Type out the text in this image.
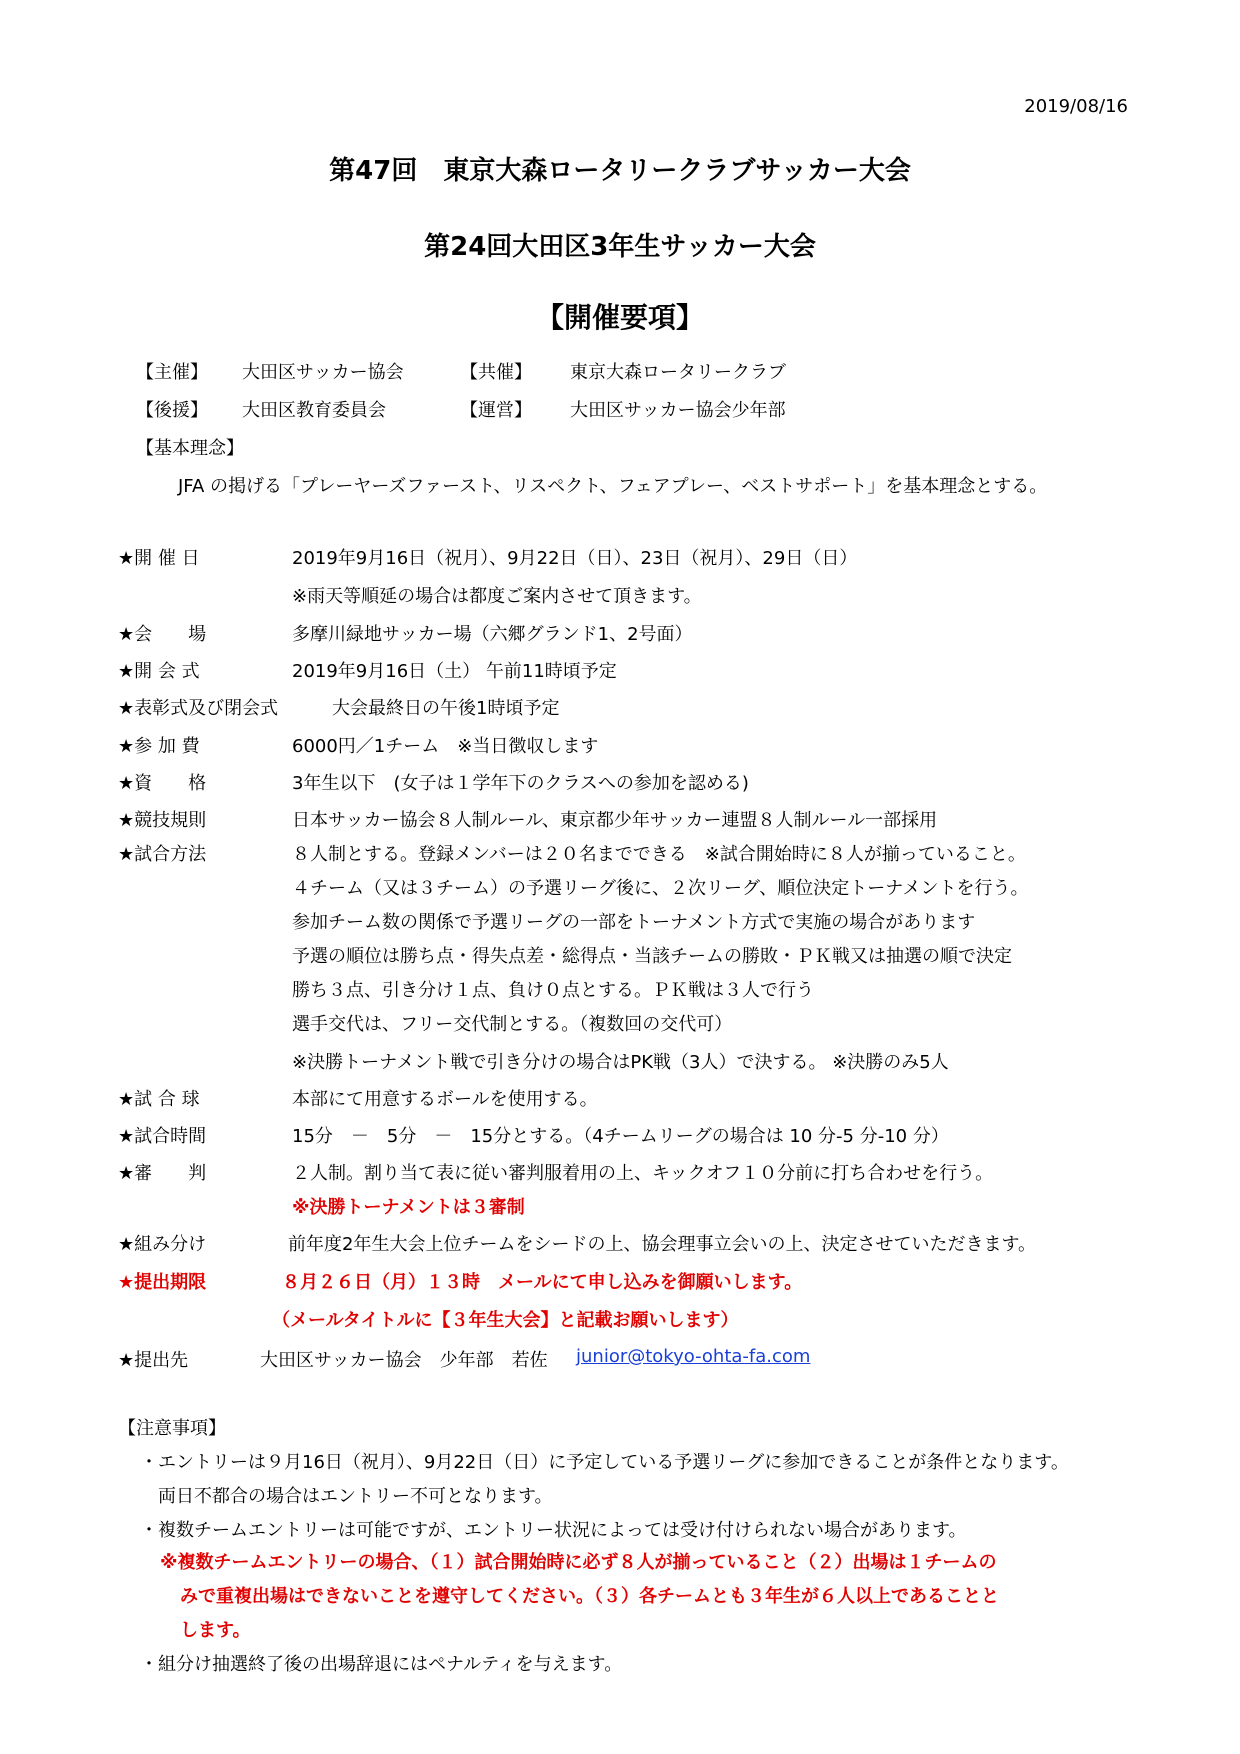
2019/08/16
第47回　東京大森ロータリークラブサッカー大会
第24回大田区3年生サッカー大会
【開催要項】
【主催】 大田区サッカー協会	【共催】 東京大森ロータリークラブ
【後援】 大田区教育委員会	【運営】 大田区サッカー協会少年部
【基本理念】
JFA の掲げる「プレーヤーズファースト、リスペクト、フェアプレー、ベストサポート」を基本理念とする。
★開 催 日	2019年9月16日（祝月）、9月22日（日）、23日（祝月）、29日（日）
※雨天等順延の場合は都度ご案内させて頂きます。
★会　　場	多摩川緑地サッカー場（六郷グランド1、2号面）
★開 会 式	2019年9月16日（土） 午前11時頃予定
★表彰式及び閉会式	大会最終日の午後1時頃予定
★参 加 費	6000円／1チーム　※当日徴収します
★資　　格	3年生以下　(女子は１学年下のクラスへの参加を認める)
★競技規則	日本サッカー協会８人制ルール、東京都少年サッカー連盟８人制ルール一部採用
★試合方法	８人制とする。登録メンバーは２０名までできる　※試合開始時に８人が揃っていること。
４チーム（又は３チーム）の予選リーグ後に、２次リーグ、順位決定トーナメントを行う。
参加チーム数の関係で予選リーグの一部をトーナメント方式で実施の場合があります
予選の順位は勝ち点・得失点差・総得点・当該チームの勝敗・ＰＫ戦又は抽選の順で決定
勝ち３点、引き分け１点、負け０点とする。ＰＫ戦は３人で行う
選手交代は、フリー交代制とする。（複数回の交代可）
※決勝トーナメント戦で引き分けの場合はPK戦（3人）で決する。 ※決勝のみ5人
★試 合 球	本部にて用意するボールを使用する。
★試合時間	15分　－　5分　－　15分とする。（4チームリーグの場合は 10 分-5 分-10 分）
★審　　判	２人制。割り当て表に従い審判服着用の上、キックオフ１０分前に打ち合わせを行う。
※決勝トーナメントは３審制
★組み分け	前年度2年生大会上位チームをシードの上、協会理事立会いの上、決定させていただきます。
★提出期限	８月２６日（月）１３時　メールにて申し込みを御願いします。
（メールタイトルに【３年生大会】と記載お願いします）
★提出先	大田区サッカー協会　少年部　若佐 junior@tokyo-ohta-fa.com
【注意事項】
・エントリーは９月16日（祝月）、9月22日（日）に予定している予選リーグに参加できることが条件となります。
両日不都合の場合はエントリー不可となります。
・複数チームエントリーは可能ですが、エントリー状況によっては受け付けられない場合があります。
※複数チームエントリーの場合、（１）試合開始時に必ず８人が揃っていること（２）出場は１チームの
みで重複出場はできないことを遵守してください。（３）各チームとも３年生が６人以上であることと
します。
・組分け抽選終了後の出場辞退にはペナルティを与えます。
